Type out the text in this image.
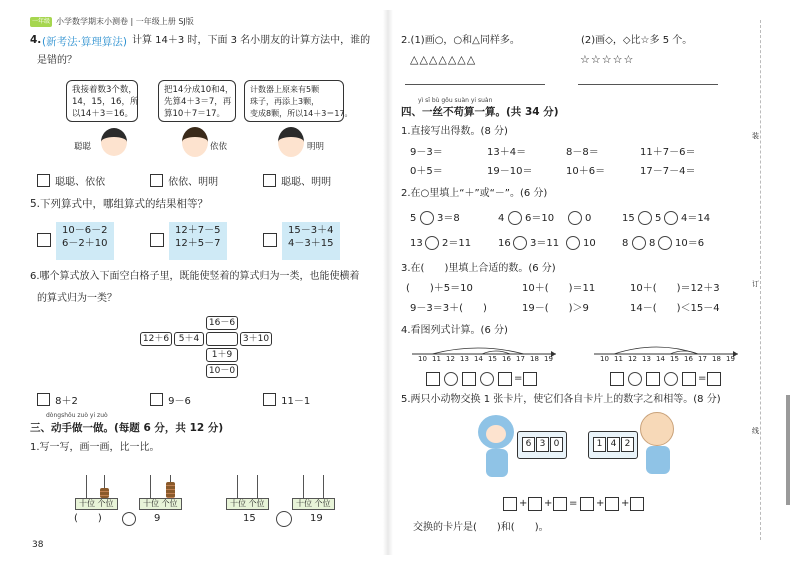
一年级 小学数学期末小测卷 | 一年级上册 SJ版
4. (新考法·算理算法) 计算 14＋3 时，下面 3 名小朋友的计算方法中，谁的
是错的？
我接着数3个数，
14，15，16，所
以14＋3＝16。
把14分成10和4，
先算4＋3＝7，再
算10＋7＝17。
计数器上原来有5颗
珠子，再添上3颗，
变成8颗，所以14＋3＝17。
聪聪	依依	明明
聪聪、依依	依依、明明	聪聪、明明
5.下列算式中，哪组算式的结果相等？
10－6－2
6－2＋10
12＋7－5
12＋5－7
15－3＋4
4－3＋15
6.哪个算式放入下面空白格子里，既能使竖着的算式归为一类，也能使横着
的算式归为一类？
16－6
12＋6	5＋4	3＋10
1＋9
10－0
8＋2	9－6	11－1
dòngshǒu zuò yi zuò
三、动手做一做。(每题 6 分，共 12 分)
1.写一写，画一画，比一比。
十位 个位
(　　)
十位 个位
9
十位 个位
15
十位 个位
19
38
2.(1)画○，○和△同样多。
△△△△△△△
(2)画◇，◇比☆多 5 个。
☆☆☆☆☆
yì sī bù gǒu suàn yi suàn
四、一丝不苟算一算。(共 34 分)
1.直接写出得数。(8 分)
9－3＝	13＋4＝	8－8＝	11＋7－6＝
0＋5＝	19－10＝	10＋6＝	17－7－4＝
2.在○里填上“＋”或“－”。(6 分)
5 3＝8	4 6＝10	0	15 5 4＝14
13 2＝11	16 3＝11 10	8 8 10＝6
3.在(　　)里填上合适的数。(6 分)
(　　)＋5＝10	10＋(　　)＝11	10＋(　　)＝12＋3
9－3＝3＋(　　)	19－(　　)＞9	14－(　　)＜15－4
4.看图列式计算。(6 分)
10 11 12 13 14 15 16 17 18 19
=
10 11 12 13 14 15 16 17 18 19
=
5.两只小动物交换 1 张卡片，使它们各自卡片上的数字之和相等。(8 分)
6 3 0	1 4 2
+ + = + +
交换的卡片是(　　)和(　　)。
装
订
线
